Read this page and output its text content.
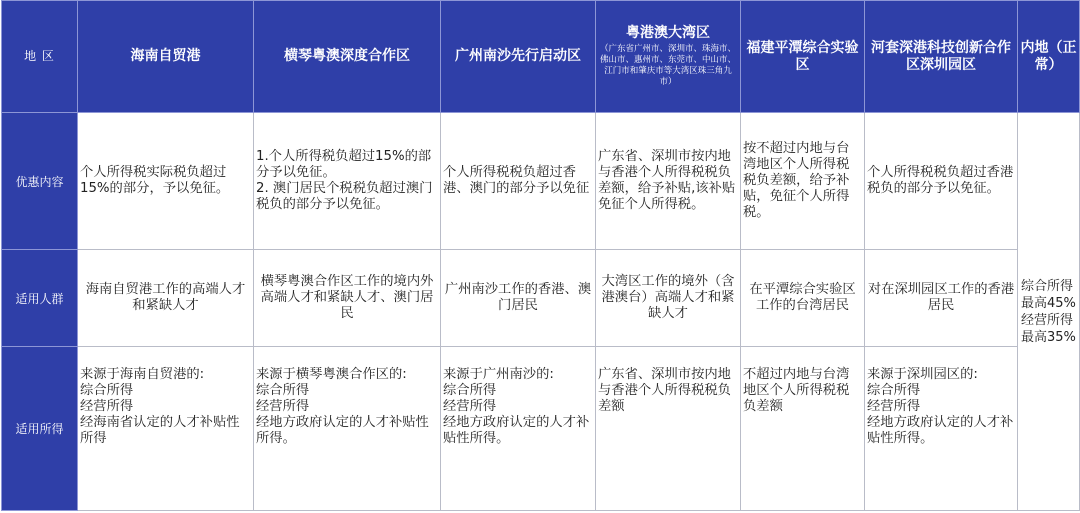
地 区	海南自贸港	横琴粤澳深度合作区	广州南沙先行启动区	粤港澳大湾区
（广东省广州市、深圳市、珠海市、佛山市、惠州市、东莞市、中山市、江门市和肇庆市等大湾区珠三角九市）	福建平潭综合实验区	河套深港科技创新合作区深圳园区	内地（正常）
优惠内容	个人所得税实际税负超过15%的部分，予以免征。	1.个人所得税负超过15%的部分予以免征。
2. 澳门居民个税税负超过澳门税负的部分予以免征。	个人所得税税负超过香港、澳门的部分予以免征	广东省、深圳市按内地与香港个人所得税税负差额，给予补贴,该补贴免征个人所得税。	按不超过内地与台湾地区个人所得税税负差额，给予补贴，免征个人所得税。	个人所得税税负超过香港税负的部分予以免征。	综合所得最高45%
经营所得最高35%

适用人群	海南自贸港工作的高端人才和紧缺人才	横琴粤澳合作区工作的境内外高端人才和紧缺人才、澳门居民	广州南沙工作的香港、澳门居民	大湾区工作的境外（含港澳台）高端人才和紧缺人才	在平潭综合实验区工作的台湾居民	对在深圳园区工作的香港居民	
适用所得	来源于海南自贸港的:
综合所得
经营所得
经海南省认定的人才补贴性所得	来源于横琴粤澳合作区的:
综合所得
经营所得
经地方政府认定的人才补贴性所得。	来源于广州南沙的:
综合所得
经营所得
经地方政府认定的人才补贴性所得。	广东省、深圳市按内地与香港个人所得税税负差额	不超过内地与台湾地区个人所得税税负差额	来源于深圳园区的:
综合所得
经营所得
经地方政府认定的人才补贴性所得。	
